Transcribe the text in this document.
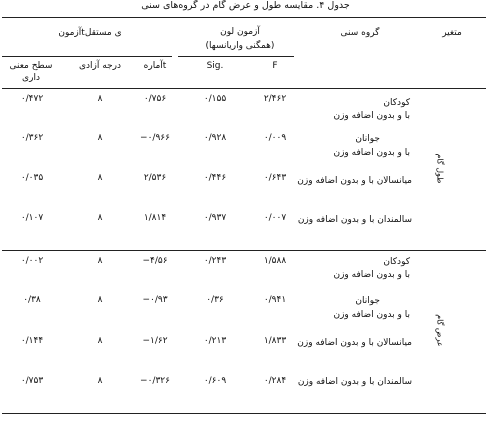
جدول ۴. مقایسه طول و عرض گام در گروه‌های سنی
متغیر
گروه سنی
آزمون لون
(همگنی واریانسها)
ی مستقلtآزمون
F
Sig.
tآماره
درجه آزادی
سطح معنی داری
طول گام
عرض گام
کودکان
با و بدون اضافه وزن
۲/۴۶۲
۰/۱۵۵
۰/۷۵۶
۸
۰/۴۷۲
جوانان
با و بدون اضافه وزن
۰/۰۰۹
۰/۹۲۸
−۰/۹۶۶
۸
۰/۳۶۲
میانسالان با و بدون اضافه وزن
۰/۶۴۳
۰/۴۴۶
۲/۵۳۶
۸
۰/۰۳۵
سالمندان با و بدون اضافه وزن
۰/۰۰۷
۰/۹۳۷
۱/۸۱۴
۸
۰/۱۰۷
کودکان
با و بدون اضافه وزن
۱/۵۸۸
۰/۲۴۳
−۴/۵۶
۸
۰/۰۰۲
جوانان
با و بدون اضافه وزن
۰/۹۴۱
۰/۳۶
−۰/۹۳
۸
۰/۳۸
میانسالان با و بدون اضافه وزن
۱/۸۳۳
۰/۲۱۳
−۱/۶۲
۸
۰/۱۴۴
سالمندان با و بدون اضافه وزن
۰/۲۸۴
۰/۶۰۹
−۰/۳۲۶
۸
۰/۷۵۳
